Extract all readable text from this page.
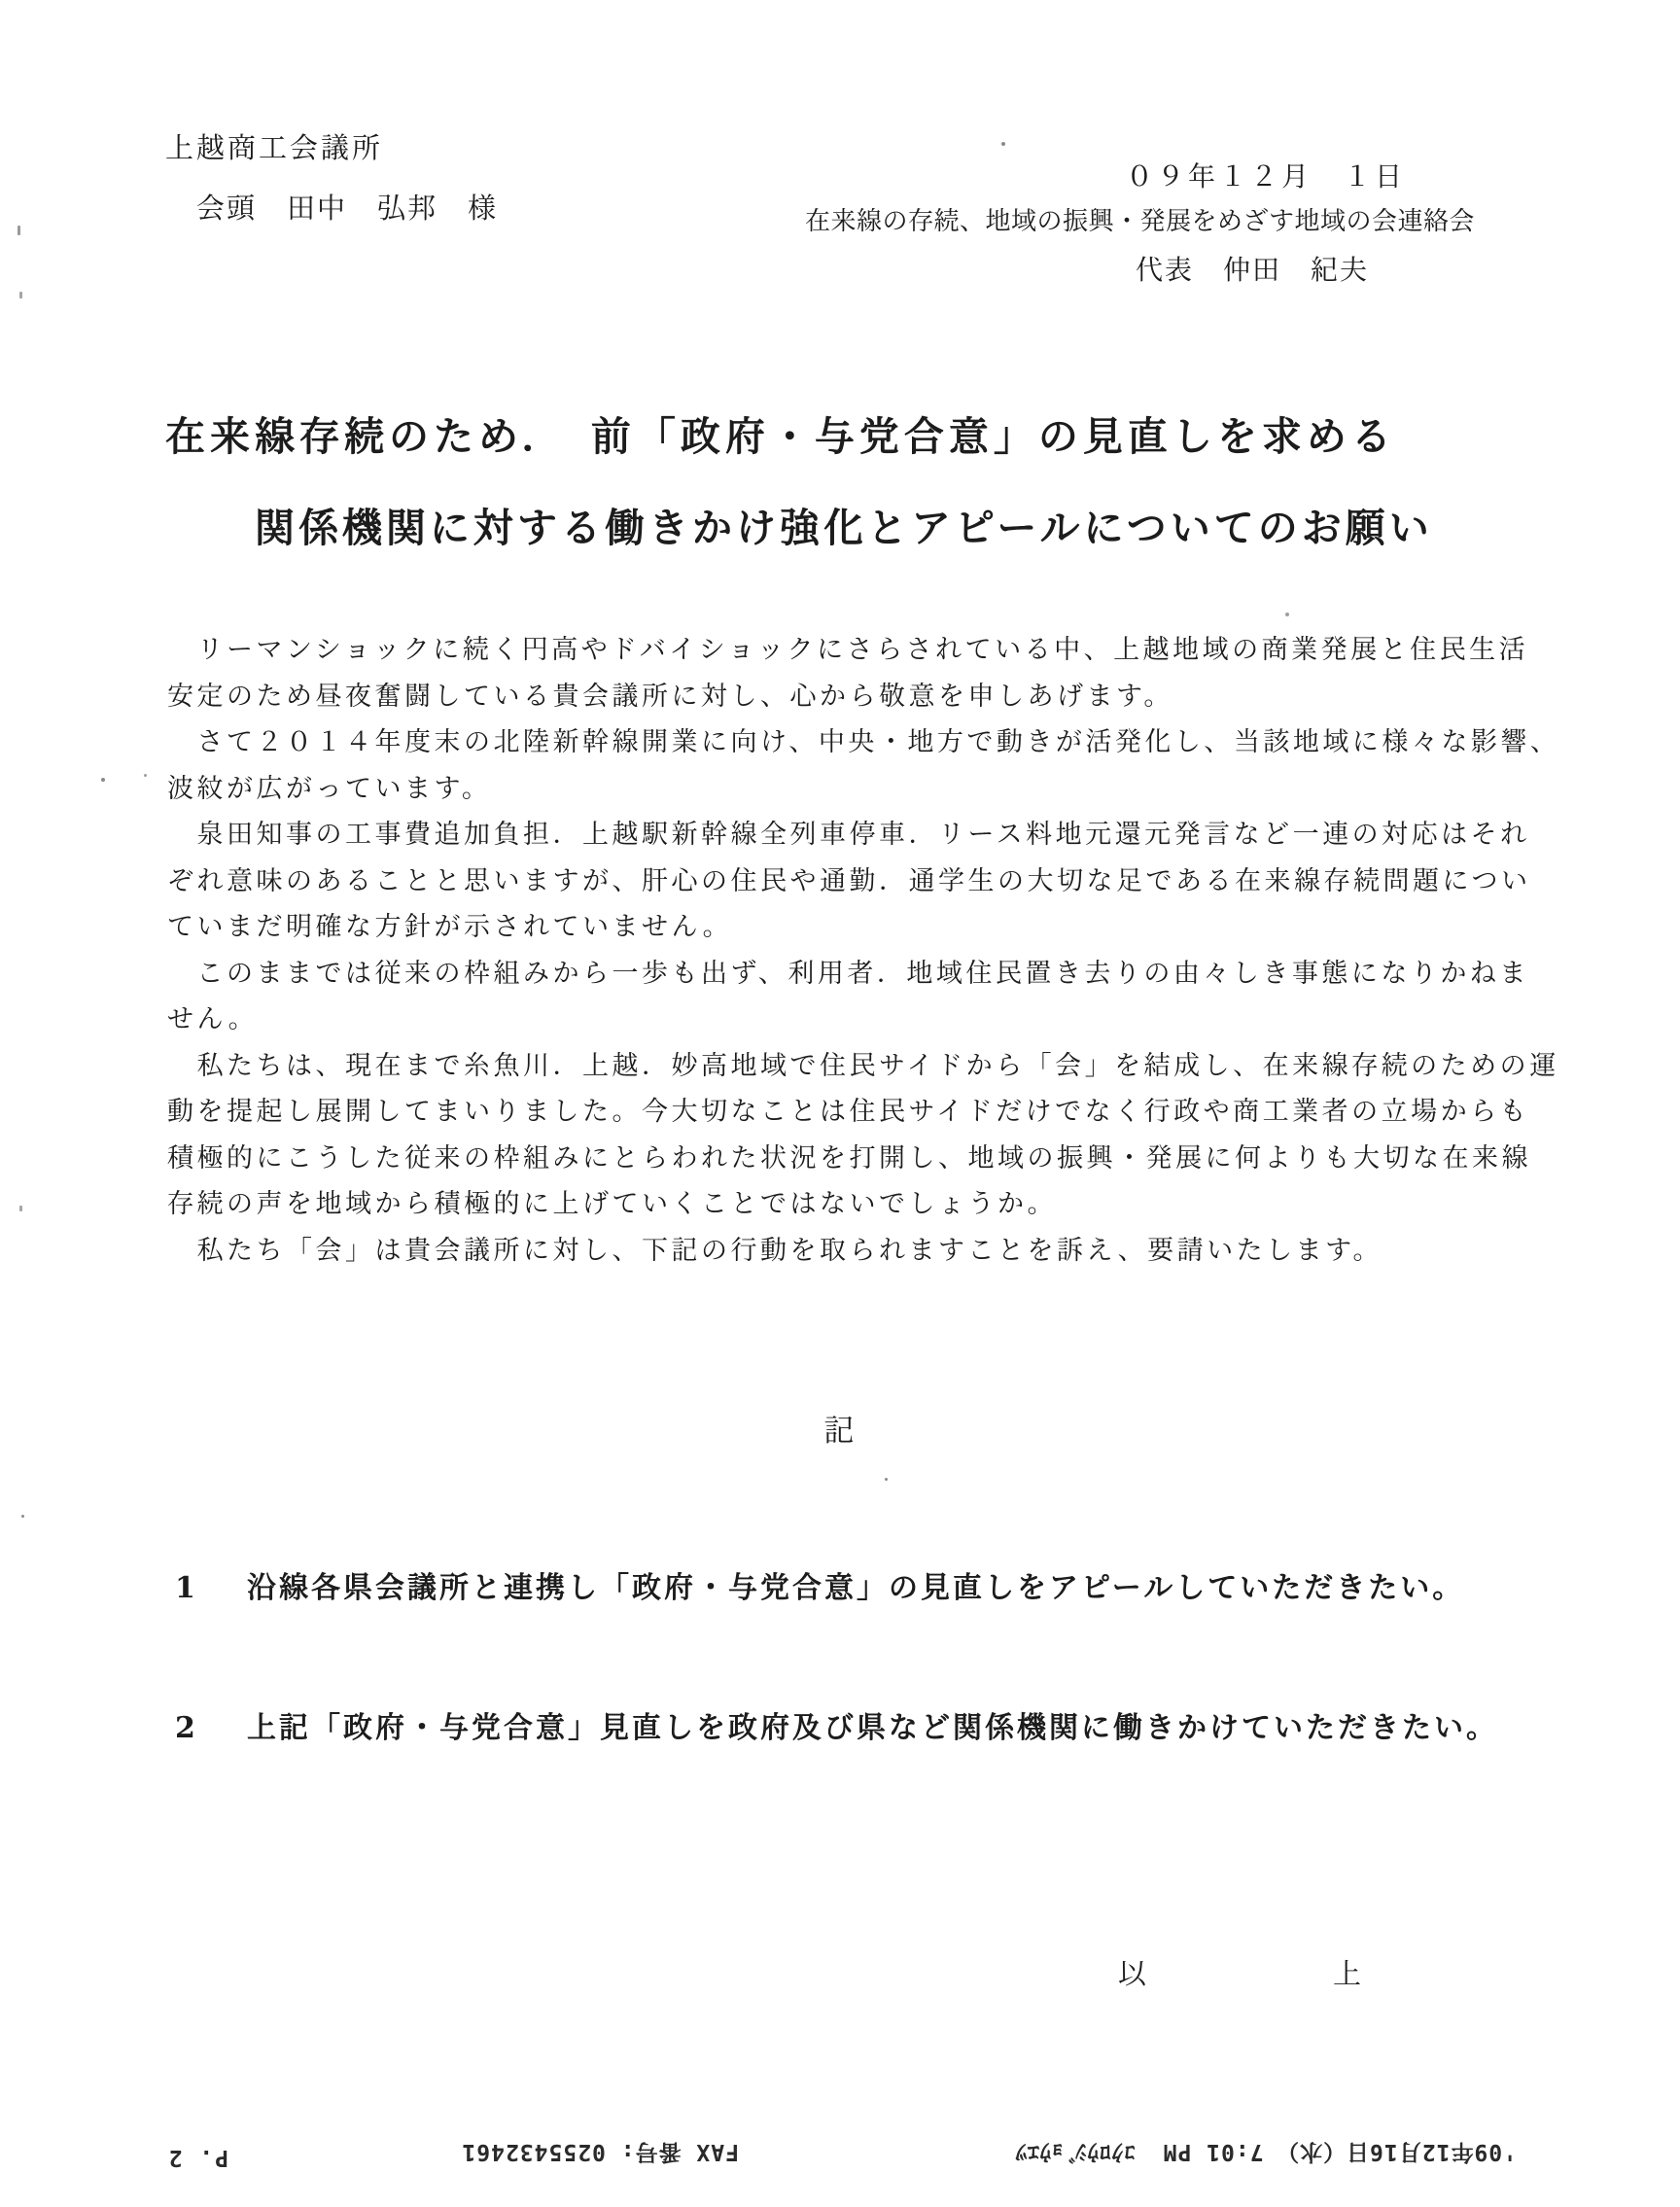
上越商工会議所
会頭　田中　弘邦　様
０９年１２月　１日
在来線の存続、地域の振興・発展をめざす地域の会連絡会
代表　仲田　紀夫
在来線存続のため．　前「政府・与党合意」の見直しを求める
関係機関に対する働きかけ強化とアピールについてのお願い
　リーマンショックに続く円高やドバイショックにさらされている中、上越地域の商業発展と住民生活
安定のため昼夜奮闘している貴会議所に対し、心から敬意を申しあげます。
　さて２０１４年度末の北陸新幹線開業に向け、中央・地方で動きが活発化し、当該地域に様々な影響、
波紋が広がっています。
　泉田知事の工事費追加負担．上越駅新幹線全列車停車．リース料地元還元発言など一連の対応はそれ
ぞれ意味のあることと思いますが、肝心の住民や通勤．通学生の大切な足である在来線存続問題につい
ていまだ明確な方針が示されていません。
　このままでは従来の枠組みから一歩も出ず、利用者．地域住民置き去りの由々しき事態になりかねま
せん。
　私たちは、現在まで糸魚川．上越．妙高地域で住民サイドから「会」を結成し、在来線存続のための運
動を提起し展開してまいりました。今大切なことは住民サイドだけでなく行政や商工業者の立場からも
積極的にこうした従来の枠組みにとらわれた状況を打開し、地域の振興・発展に何よりも大切な在来線
存続の声を地域から積極的に上げていくことではないでしょうか。
　私たち「会」は貴会議所に対し、下記の行動を取られますことを訴え、要請いたします。
記
1 沿線各県会議所と連携し「政府・与党合意」の見直しをアピールしていただきたい。
2 上記「政府・与党合意」見直しを政府及び県など関係機関に働きかけていただきたい。
以	上
'09年12月16日（水）　7:01 PMｺｸﾛｳｼﾞｮｳｴﾂ
FAX 番号: 0255432461
P. 2
